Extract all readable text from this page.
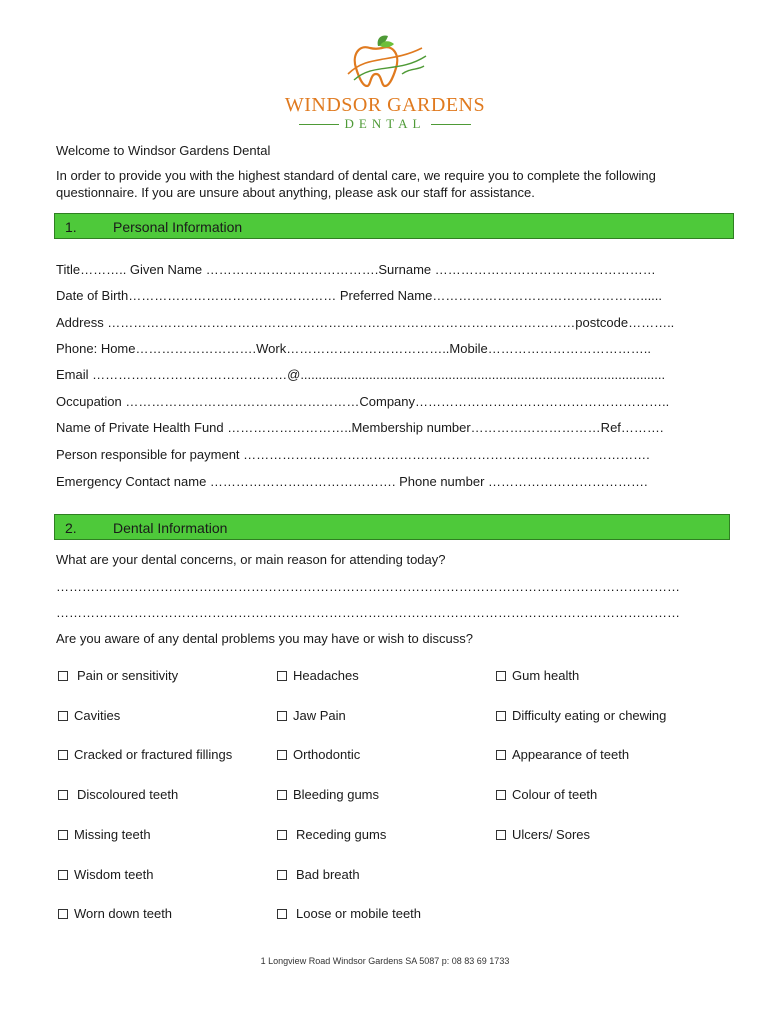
WINDSOR GARDENS
DENTAL
Welcome to Windsor Gardens Dental
In order to provide you with the highest standard of dental care, we require you to complete the following questionnaire. If you are unsure about anything, please ask our staff for assistance.
1.	Personal Information
Title……….. Given Name ………………………………….Surname ……………………………………………
Date of Birth………………………………………… Preferred Name…………………………………………......
Address ………………………………………………………………………………………………postcode………..
Phone: Home……………………….Work………………………………..Mobile………………………………..
Email ………………………………………@.....................................................................................................
Occupation ………………………………………………Company…………………………………………………..
Name of Private Health Fund ………………………..Membership number…………………………Ref……….
Person responsible for payment ………………………………………………………………………………….
Emergency Contact name ……………………………………. Phone number ……………………………….
2.	Dental Information
What are your dental concerns, or main reason for attending today?
………………………………………………………………………………………………………………………………
………………………………………………………………………………………………………………………………
Are you aware of any dental problems you may have or wish to discuss?
Pain or sensitivity	Headaches	Gum health
Cavities	Jaw Pain	Difficulty eating or chewing
Cracked or fractured fillings	Orthodontic	Appearance of teeth
Discoloured teeth	Bleeding gums	Colour of teeth
Missing teeth	Receding gums	Ulcers/ Sores
Wisdom teeth	Bad breath
Worn down teeth	Loose or mobile teeth
1 Longview Road Windsor Gardens SA 5087 p: 08 83 69 1733
